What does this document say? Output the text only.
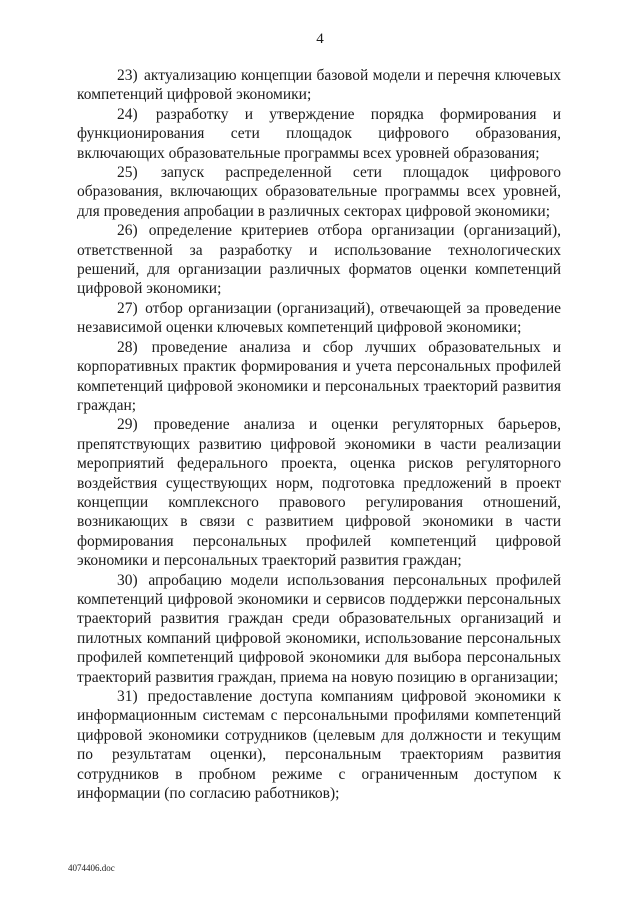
4

23) актуализацию концепции базовой модели и перечня ключевых компетенций цифровой экономики;

24) разработку и утверждение порядка формирования и функционирования сети площадок цифрового образования, включающих образовательные программы всех уровней образования;

25) запуск распределенной сети площадок цифрового образования, включающих образовательные программы всех уровней, для проведения апробации в различных секторах цифровой экономики;

26) определение критериев отбора организации (организаций), ответственной за разработку и использование технологических решений, для организации различных форматов оценки компетенций цифровой экономики;

27) отбор организации (организаций), отвечающей за проведение независимой оценки ключевых компетенций цифровой экономики;

28) проведение анализа и сбор лучших образовательных и корпоративных практик формирования и учета персональных профилей компетенций цифровой экономики и персональных траекторий развития граждан;

29) проведение анализа и оценки регуляторных барьеров, препятствующих развитию цифровой экономики в части реализации мероприятий федерального проекта, оценка рисков регуляторного воздействия существующих норм, подготовка предложений в проект концепции комплексного правового регулирования отношений, возникающих в связи с развитием цифровой экономики в части формирования персональных профилей компетенций цифровой экономики и персональных траекторий развития граждан;

30) апробацию модели использования персональных профилей компетенций цифровой экономики и сервисов поддержки персональных траекторий развития граждан среди образовательных организаций и пилотных компаний цифровой экономики, использование персональных профилей компетенций цифровой экономики для выбора персональных траекторий развития граждан, приема на новую позицию в организации;

31) предоставление доступа компаниям цифровой экономики к информационным системам с персональными профилями компетенций цифровой экономики сотрудников (целевым для должности и текущим по результатам оценки), персональным траекториям развития сотрудников в пробном режиме с ограниченным доступом к информации (по согласию работников);

4074406.doc
